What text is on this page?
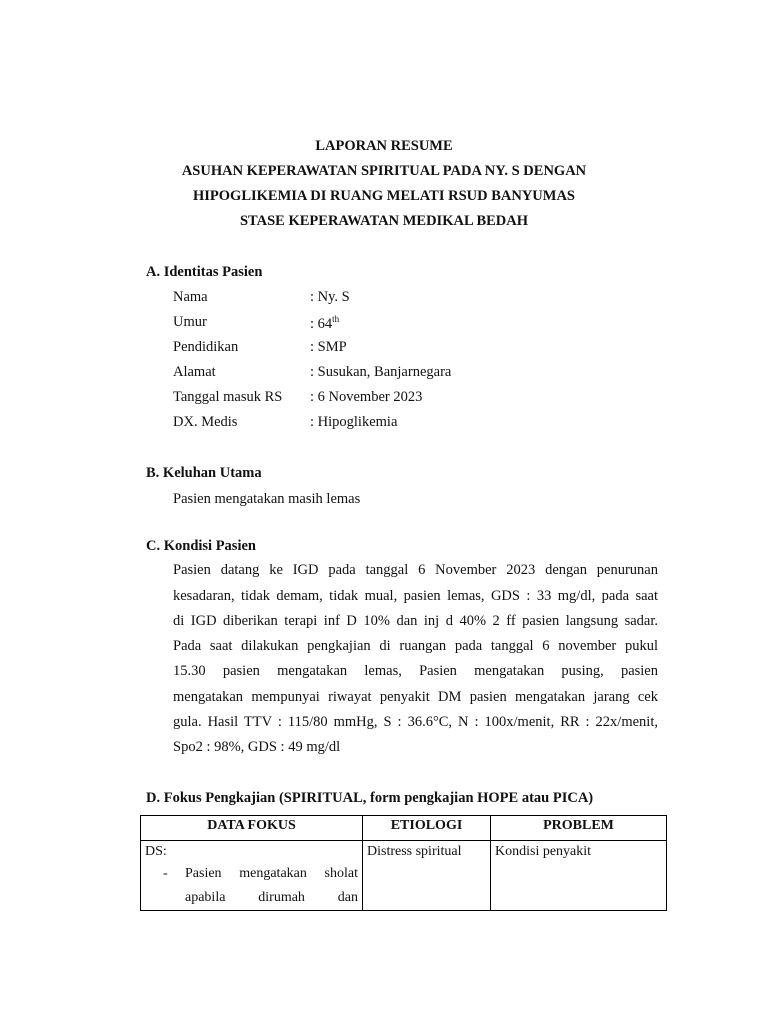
LAPORAN RESUME
ASUHAN KEPERAWATAN SPIRITUAL PADA NY. S DENGAN
HIPOGLIKEMIA DI RUANG MELATI RSUD BANYUMAS
STASE KEPERAWATAN MEDIKAL BEDAH
A. Identitas Pasien
Nama	: Ny. S
Umur	: 64th
Pendidikan	: SMP
Alamat	: Susukan, Banjarnegara
Tanggal masuk RS : 6 November 2023
DX. Medis	: Hipoglikemia
B. Keluhan Utama
Pasien mengatakan masih lemas
C. Kondisi Pasien
Pasien datang ke IGD pada tanggal 6 November 2023 dengan penurunan
kesadaran, tidak demam, tidak mual, pasien lemas, GDS : 33 mg/dl, pada saat
di IGD diberikan terapi inf D 10% dan inj d 40% 2 ff pasien langsung sadar.
Pada saat dilakukan pengkajian di ruangan pada tanggal 6 november pukul
15.30 pasien mengatakan lemas, Pasien mengatakan pusing, pasien
mengatakan mempunyai riwayat penyakit DM pasien mengatakan jarang cek
gula. Hasil TTV : 115/80 mmHg, S : 36.6°C, N : 100x/menit, RR : 22x/menit,
Spo2 : 98%, GDS : 49 mg/dl
D. Fokus Pengkajian (SPIRITUAL, form pengkajian HOPE atau PICA)
DATA FOKUS	ETIOLOGI	PROBLEM

DS:
- Pasien mengatakan sholat
apabila dirumah dan	Distress spiritual	Kondisi penyakit
